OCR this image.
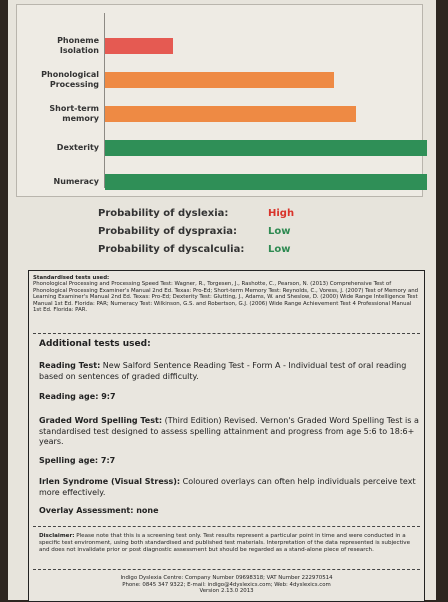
Phoneme Isolation
Phonological Processing
Short-term memory
Dexterity
Numeracy
Probability of dyslexia:	High
Probability of dyspraxia:	Low
Probability of dyscalculia:	Low
Standardised tests used:
Phonological Processing and Processing Speed Test: Wagner, R., Torgesen, J., Rashotte, C., Pearson, N. (2013) Comprehensive Test of Phonological Processing Examiner's Manual 2nd Ed. Texas: Pro-Ed; Short-term Memory Test: Reynolds, C., Voress, J. (2007) Test of Memory and Learning Examiner's Manual 2nd Ed. Texas: Pro-Ed; Dexterity Test: Glutting, J., Adams, W. and Sheslow, D. (2000) Wide Range Intelligence Test Manual 1st Ed. Florida: PAR; Numeracy Test: Wilkinson, G.S. and Robertson, G.J. (2006) Wide Range Achievement Test 4 Professional Manual 1st Ed. Florida: PAR.
Additional tests used:
Reading Test: New Salford Sentence Reading Test - Form A - Individual test of oral reading based on sentences of graded difficulty.
Reading age: 9:7
Graded Word Spelling Test: (Third Edition) Revised. Vernon's Graded Word Spelling Test is a standardised test designed to assess spelling attainment and progress from age 5:6 to 18:6+ years.
Spelling age: 7:7
Irlen Syndrome (Visual Stress): Coloured overlays can often help individuals perceive text more effectively.
Overlay Assessment: none
Disclaimer: Please note that this is a screening test only. Test results represent a particular point in time and were conducted in a specific test environment, using both standardised and published test materials. Interpretation of the data represented is subjective and does not invalidate prior or post diagnostic assessment but should be regarded as a stand-alone piece of research.
Indigo Dyslexia Centre: Company Number 09698318; VAT Number 222970514
Phone: 0845 347 9322; E-mail: indigo@4dyslexics.com; Web: 4dyslexics.com
Version 2.13.0 2013
